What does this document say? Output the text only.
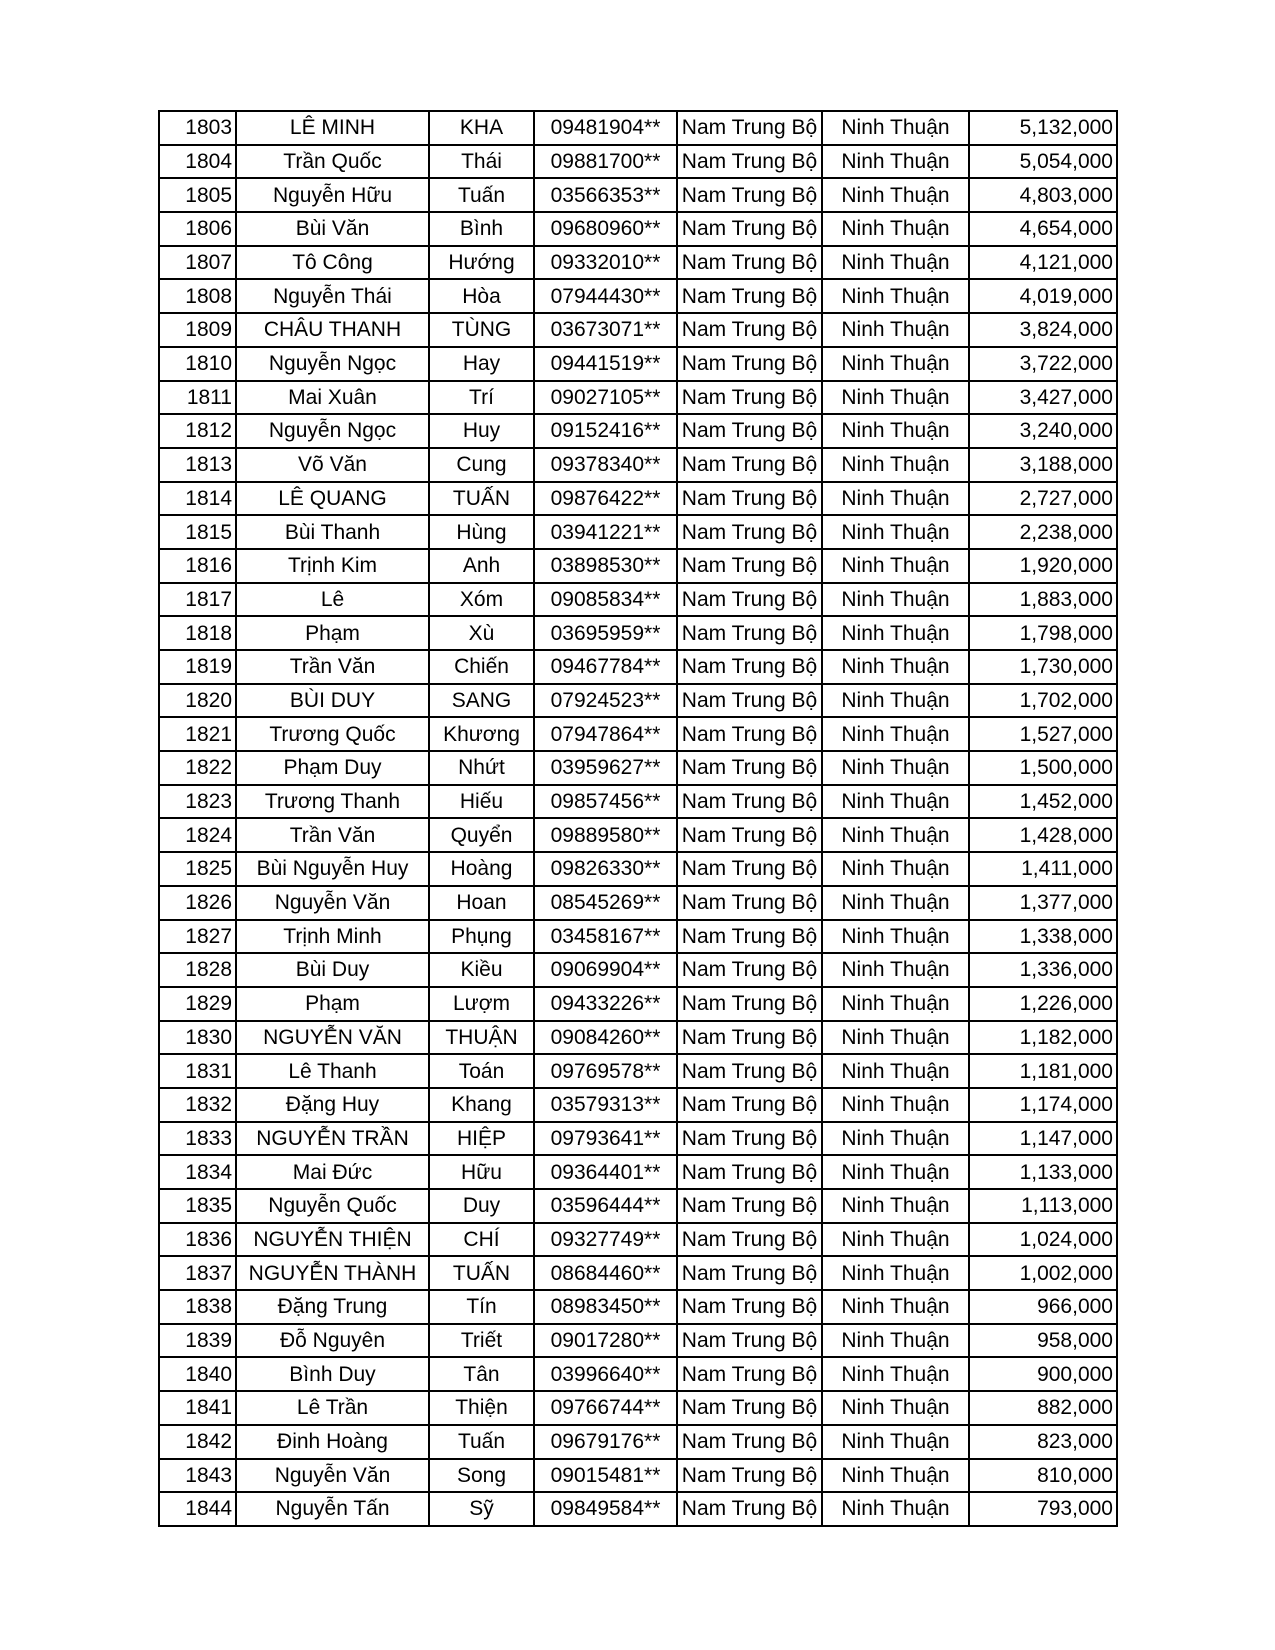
1803	LÊ MINH	KHA	09481904**	Nam Trung Bộ	Ninh Thuận	5,132,000
1804	Trần Quốc	Thái	09881700**	Nam Trung Bộ	Ninh Thuận	5,054,000
1805	Nguyễn Hữu	Tuấn	03566353**	Nam Trung Bộ	Ninh Thuận	4,803,000
1806	Bùi Văn	Bình	09680960**	Nam Trung Bộ	Ninh Thuận	4,654,000
1807	Tô Công	Hướng	09332010**	Nam Trung Bộ	Ninh Thuận	4,121,000
1808	Nguyễn Thái	Hòa	07944430**	Nam Trung Bộ	Ninh Thuận	4,019,000
1809	CHÂU THANH	TÙNG	03673071**	Nam Trung Bộ	Ninh Thuận	3,824,000
1810	Nguyễn Ngọc	Hay	09441519**	Nam Trung Bộ	Ninh Thuận	3,722,000
1811	Mai Xuân	Trí	09027105**	Nam Trung Bộ	Ninh Thuận	3,427,000
1812	Nguyễn Ngọc	Huy	09152416**	Nam Trung Bộ	Ninh Thuận	3,240,000
1813	Võ Văn	Cung	09378340**	Nam Trung Bộ	Ninh Thuận	3,188,000
1814	LÊ QUANG	TUẤN	09876422**	Nam Trung Bộ	Ninh Thuận	2,727,000
1815	Bùi Thanh	Hùng	03941221**	Nam Trung Bộ	Ninh Thuận	2,238,000
1816	Trịnh Kim	Anh	03898530**	Nam Trung Bộ	Ninh Thuận	1,920,000
1817	Lê	Xóm	09085834**	Nam Trung Bộ	Ninh Thuận	1,883,000
1818	Phạm	Xù	03695959**	Nam Trung Bộ	Ninh Thuận	1,798,000
1819	Trần Văn	Chiến	09467784**	Nam Trung Bộ	Ninh Thuận	1,730,000
1820	BÙI DUY	SANG	07924523**	Nam Trung Bộ	Ninh Thuận	1,702,000
1821	Trương Quốc	Khương	07947864**	Nam Trung Bộ	Ninh Thuận	1,527,000
1822	Phạm Duy	Nhứt	03959627**	Nam Trung Bộ	Ninh Thuận	1,500,000
1823	Trương Thanh	Hiếu	09857456**	Nam Trung Bộ	Ninh Thuận	1,452,000
1824	Trần Văn	Quyển	09889580**	Nam Trung Bộ	Ninh Thuận	1,428,000
1825	Bùi Nguyễn Huy	Hoàng	09826330**	Nam Trung Bộ	Ninh Thuận	1,411,000
1826	Nguyễn Văn	Hoan	08545269**	Nam Trung Bộ	Ninh Thuận	1,377,000
1827	Trịnh Minh	Phụng	03458167**	Nam Trung Bộ	Ninh Thuận	1,338,000
1828	Bùi Duy	Kiều	09069904**	Nam Trung Bộ	Ninh Thuận	1,336,000
1829	Phạm	Lượm	09433226**	Nam Trung Bộ	Ninh Thuận	1,226,000
1830	NGUYỄN VĂN	THUẬN	09084260**	Nam Trung Bộ	Ninh Thuận	1,182,000
1831	Lê Thanh	Toán	09769578**	Nam Trung Bộ	Ninh Thuận	1,181,000
1832	Đặng Huy	Khang	03579313**	Nam Trung Bộ	Ninh Thuận	1,174,000
1833	NGUYỄN TRẦN	HIỆP	09793641**	Nam Trung Bộ	Ninh Thuận	1,147,000
1834	Mai Đức	Hữu	09364401**	Nam Trung Bộ	Ninh Thuận	1,133,000
1835	Nguyễn Quốc	Duy	03596444**	Nam Trung Bộ	Ninh Thuận	1,113,000
1836	NGUYỄN THIỆN	CHÍ	09327749**	Nam Trung Bộ	Ninh Thuận	1,024,000
1837	NGUYỄN THÀNH	TUẤN	08684460**	Nam Trung Bộ	Ninh Thuận	1,002,000
1838	Đặng Trung	Tín	08983450**	Nam Trung Bộ	Ninh Thuận	966,000
1839	Đỗ Nguyên	Triết	09017280**	Nam Trung Bộ	Ninh Thuận	958,000
1840	Bình Duy	Tân	03996640**	Nam Trung Bộ	Ninh Thuận	900,000
1841	Lê Trần	Thiện	09766744**	Nam Trung Bộ	Ninh Thuận	882,000
1842	Đinh Hoàng	Tuấn	09679176**	Nam Trung Bộ	Ninh Thuận	823,000
1843	Nguyễn Văn	Song	09015481**	Nam Trung Bộ	Ninh Thuận	810,000
1844	Nguyễn Tấn	Sỹ	09849584**	Nam Trung Bộ	Ninh Thuận	793,000
